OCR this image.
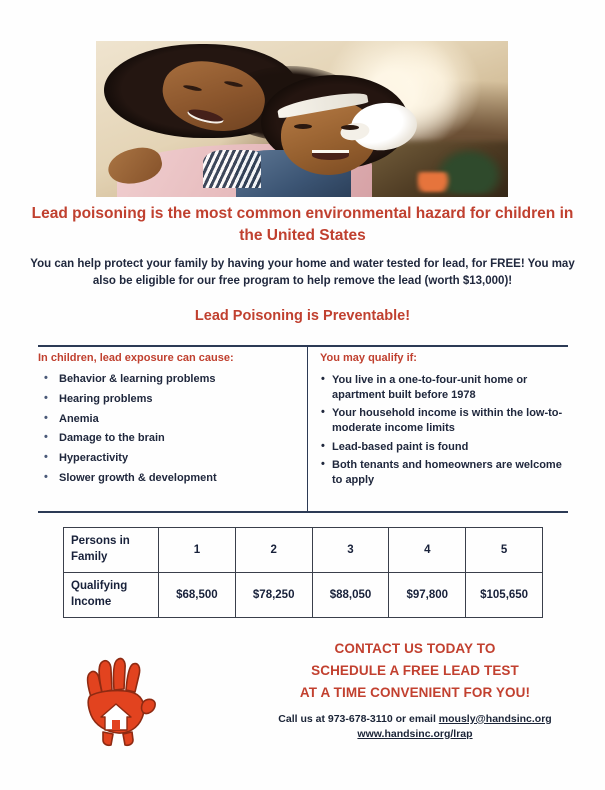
Lead poisoning is the most common environmental hazard for children in the United States
You can help protect your family by having your home and water tested for lead, for FREE! You may also be eligible for our free program to help remove the lead (worth $13,000)!
Lead Poisoning is Preventable!
In children, lead exposure can cause:
• Behavior & learning problems
• Hearing problems
• Anemia
• Damage to the brain
• Hyperactivity
• Slower growth & development
You may qualify if:
• You live in a one-to-four-unit home or apartment built before 1978
• Your household income is within the low-to-moderate income limits
• Lead-based paint is found
• Both tenants and homeowners are welcome to apply
Persons in Family	1	2	3	4	5
Qualifying Income	$68,500	$78,250	$88,050	$97,800	$105,650
CONTACT US TODAY TO
SCHEDULE A FREE LEAD TEST
AT A TIME CONVENIENT FOR YOU!
Call us at 973-678-3110 or email mously@handsinc.org
www.handsinc.org/lrap
